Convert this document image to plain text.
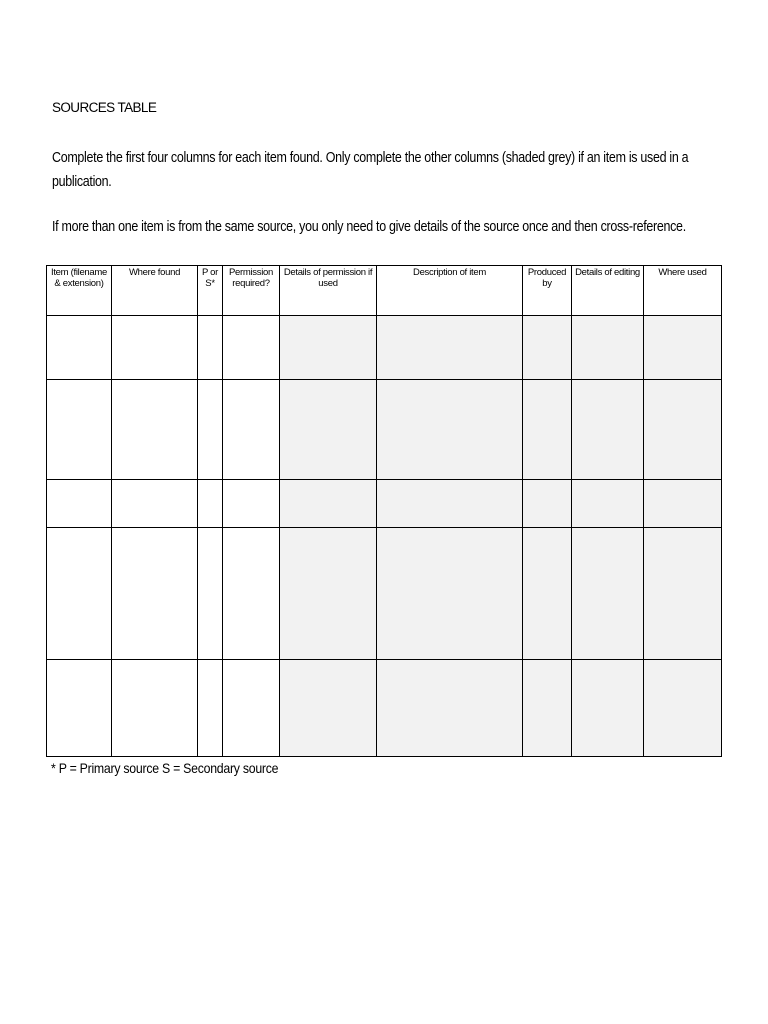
SOURCES TABLE
Complete the first four columns for each item found. Only complete the other columns (shaded grey) if an item is used in a publication.
If more than one item is from the same source, you only need to give details of the source once and then cross-reference.
Item (filename & extension)	Where found	P or S*	Permission required?	Details of permission if used	Description of item	Produced by	Details of editing	Where used

* P = Primary source S = Secondary source
